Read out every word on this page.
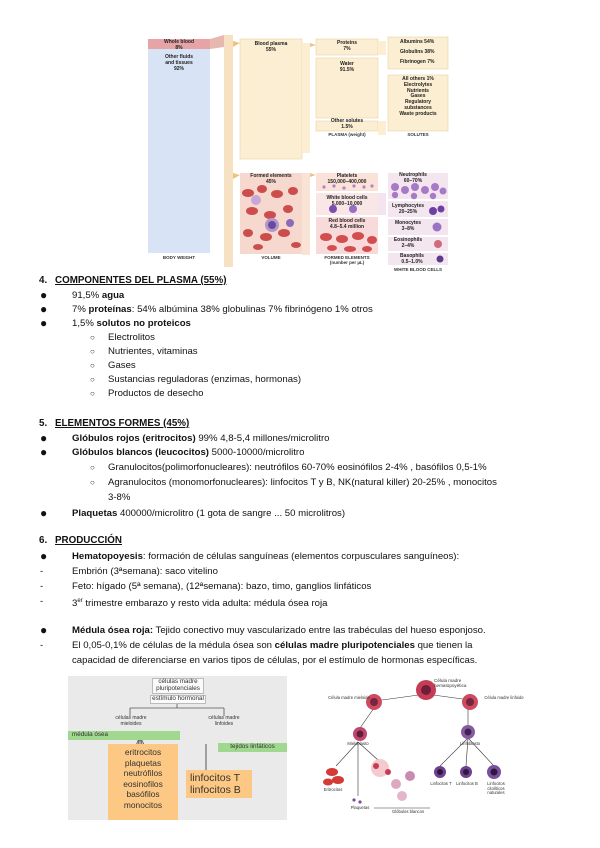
Whole blood
8%
Other fluids
and tissues
92%
Blood plasma
55%
Formed elements
45%
Proteins
7%
Water
91.5%
Other solutes
1.5%
Albumins 54%
Globulins 38%
Fibrinogen 7%
All others 1%
Electrolytes
Nutrients
Gases
Regulatory
substances
Waste products
Platelets
150,000–400,000
White blood cells
5,000–10,000
Red blood cells
4.8–5.4 million
Neutrophils
60–70%
Lymphocytes
20–25%
Monocytes
3–8%
Eosinophils
2–4%
Basophils
0.5–1.0%
BODY WEIGHT	VOLUME
PLASMA (weight)	SOLUTES
FORMED ELEMENTS
(number per µL)
WHITE BLOOD CELLS
4. COMPONENTES DEL PLASMA (55%)
●	91,5% agua
●	7% proteínas: 54% albúmina 38% globulinas 7% fibrinógeno 1% otros
●	1,5% solutos no proteicos
○ Electrolitos
○ Nutrientes, vitaminas
○ Gases
○ Sustancias reguladoras (enzimas, hormonas)
○ Productos de desecho
5. ELEMENTOS FORMES (45%)
●	Glóbulos rojos (eritrocitos) 99% 4,8-5,4 millones/microlitro
●	Glóbulos blancos (leucocitos) 5000-10000/microlitro
○ Granulocitos(polimorfonucleares): neutrófilos 60-70% eosinófilos 2-4% , basófilos 0,5-1%
○ Agranulocitos (monomorfonucleares): linfocitos T y B, NK(natural killer) 20-25% , monocitos
3-8%
●	Plaquetas 400000/microlitro (1 gota de sangre ... 50 microlitros)
6. PRODUCCIÓN
●	Hematopoyesis: formación de células sanguíneas (elementos corpusculares sanguíneos):
-	Embrión (3ªsemana): saco vitelino
-	Feto: hígado (5ª semana), (12ªsemana): bazo, timo, ganglios linfáticos
-	3er trimestre embarazo y resto vida adulta: médula ósea roja
●	Médula ósea roja: Tejido conectivo muy vascularizado entre las trabéculas del hueso esponjoso.
-	El 0,05-0,1% de células de la médula ósea son células madre pluripotenciales que tienen la
capacidad de diferenciarse en varios tipos de células, por el estímulo de hormonas específicas.
células madre
pluripotenciales
estímulo hormonal
células madre
mieloides
células madre
linfoides
médula ósea
tejidos linfáticos
eritrocitos
plaquetas
neutrófilos
eosinofilos
basófilos
monocitos
linfocitos T
linfocitos B
Célula madre
hematopoyética
Célula madre mieloide	Célula madre linfoide
Mieloblasto	Linfoblasto
Eritrocitos
Plaquetas
Linfocitos T	Linfocitos B	Linfocitos
citolíticos
naturales
Glóbulos blancos
